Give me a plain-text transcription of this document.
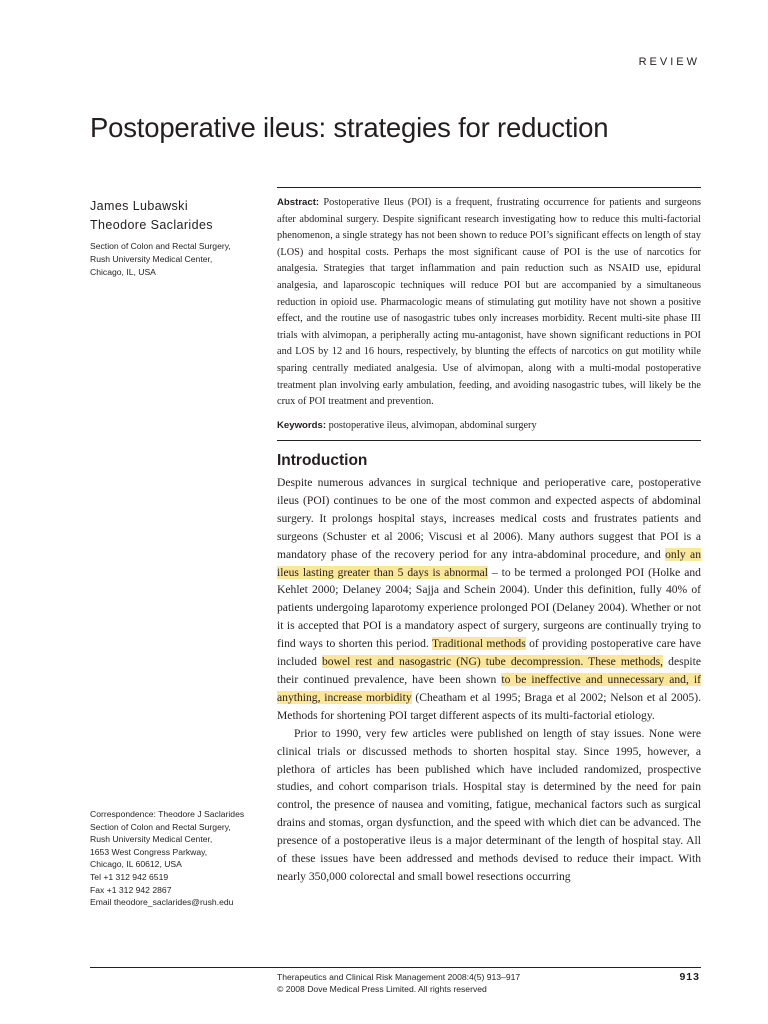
REVIEW
Postoperative ileus: strategies for reduction
James Lubawski
Theodore Saclarides
Section of Colon and Rectal Surgery,
Rush University Medical Center,
Chicago, IL, USA

Abstract: Postoperative Ileus (POI) is a frequent, frustrating occurrence for patients and surgeons after abdominal surgery. Despite significant research investigating how to reduce this multi-factorial phenomenon, a single strategy has not been shown to reduce POI’s significant effects on length of stay (LOS) and hospital costs. Perhaps the most significant cause of POI is the use of narcotics for analgesia. Strategies that target inflammation and pain reduction such as NSAID use, epidural analgesia, and laparoscopic techniques will reduce POI but are accompanied by a simultaneous reduction in opioid use. Pharmacologic means of stimulating gut motility have not shown a positive effect, and the routine use of nasogastric tubes only increases morbidity. Recent multi-site phase III trials with alvimopan, a peripherally acting mu-antagonist, have shown significant reductions in POI and LOS by 12 and 16 hours, respectively, by blunting the effects of narcotics on gut motility while sparing centrally mediated analgesia. Use of alvimopan, along with a multi-modal postoperative treatment plan involving early ambulation, feeding, and avoiding nasogastric tubes, will likely be the crux of POI treatment and prevention.

Keywords: postoperative ileus, alvimopan, abdominal surgery

Introduction

Despite numerous advances in surgical technique and perioperative care, postoperative ileus (POI) continues to be one of the most common and expected aspects of abdominal surgery. It prolongs hospital stays, increases medical costs and frustrates patients and surgeons (Schuster et al 2006; Viscusi et al 2006). Many authors suggest that POI is a mandatory phase of the recovery period for any intra-abdominal procedure, and only an ileus lasting greater than 5 days is abnormal – to be termed a prolonged POI (Holke and Kehlet 2000; Delaney 2004; Sajja and Schein 2004). Under this definition, fully 40% of patients undergoing laparotomy experience prolonged POI (Delaney 2004). Whether or not it is accepted that POI is a mandatory aspect of surgery, surgeons are continually trying to find ways to shorten this period. Traditional methods of providing postoperative care have included bowel rest and nasogastric (NG) tube decompression. These methods, despite their continued prevalence, have been shown to be ineffective and unnecessary and, if anything, increase morbidity (Cheatham et al 1995; Braga et al 2002; Nelson et al 2005). Methods for shortening POI target different aspects of its multi-factorial etiology.

Prior to 1990, very few articles were published on length of stay issues. None were clinical trials or discussed methods to shorten hospital stay. Since 1995, however, a plethora of articles has been published which have included randomized, prospective studies, and cohort comparison trials. Hospital stay is determined by the need for pain control, the presence of nausea and vomiting, fatigue, mechanical factors such as surgical drains and stomas, organ dysfunction, and the speed with which diet can be advanced. The presence of a postoperative ileus is a major determinant of the length of hospital stay. All of these issues have been addressed and methods devised to reduce their impact. With nearly 350,000 colorectal and small bowel resections occurring

Correspondence: Theodore J Saclarides
Section of Colon and Rectal Surgery,
Rush University Medical Center,
1653 West Congress Parkway,
Chicago, IL 60612, USA
Tel +1 312 942 6519
Fax +1 312 942 2867
Email theodore_saclarides@rush.edu
Therapeutics and Clinical Risk Management 2008:4(5) 913–917
© 2008 Dove Medical Press Limited. All rights reserved
913
